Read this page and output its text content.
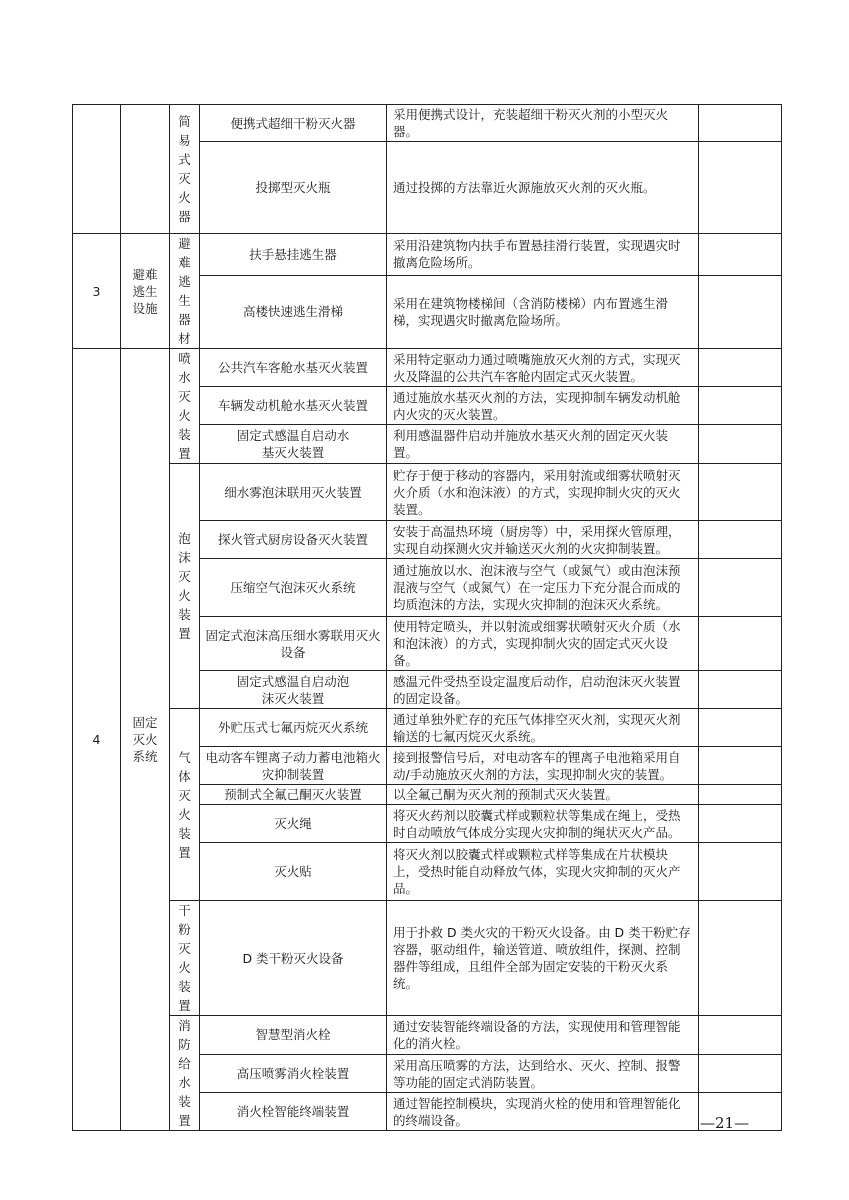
		简易式灭火器	便携式超细干粉灭火器	采用便携式设计，充装超细干粉灭火剂的小型灭火器。	
			投掷型灭火瓶	通过投掷的方法靠近火源施放灭火剂的灭火瓶。	
3	避难逃生设施	避难逃生器材	扶手悬挂逃生器	采用沿建筑物内扶手布置悬挂滑行装置，实现遇灾时撤离危险场所。	
			高楼快速逃生滑梯	采用在建筑物楼梯间（含消防楼梯）内布置逃生滑梯，实现遇灾时撤离危险场所。	
4	固定灭火系统	喷水灭火装置	公共汽车客舱水基灭火装置	采用特定驱动力通过喷嘴施放灭火剂的方式，实现灭火及降温的公共汽车客舱内固定式灭火装置。	
			车辆发动机舱水基灭火装置	通过施放水基灭火剂的方法，实现抑制车辆发动机舱内火灾的灭火装置。	

			固定式感温自启动水基灭火装置	利用感温器件启动并施放水基灭火剂的固定灭火装置。	

		泡沫灭火装置	细水雾泡沫联用灭火装置	贮存于便于移动的容器内，采用射流或细雾状喷射灭火介质（水和泡沫液）的方式，实现抑制火灾的灭火装置。	
			探火管式厨房设备灭火装置	安装于高温热环境（厨房等）中，采用探火管原理，实现自动探测火灾并输送灭火剂的火灾抑制装置。	
			压缩空气泡沫灭火系统	通过施放以水、泡沫液与空气（或氮气）或由泡沫预混液与空气（或氮气）在一定压力下充分混合而成的均质泡沫的方法，实现火灾抑制的泡沫灭火系统。	
			固定式泡沫高压细水雾联用灭火设备	使用特定喷头，并以射流或细雾状喷射灭火介质（水和泡沫液）的方式，实现抑制火灾的固定式灭火设备。	

			固定式感温自启动泡沫灭火装置	感温元件受热至设定温度后动作，启动泡沫灭火装置的固定设备。	

		气体灭火装置	外贮压式七氟丙烷灭火系统	通过单独外贮存的充压气体排空灭火剂，实现灭火剂输送的七氟丙烷灭火系统。	
			电动客车锂离子动力蓄电池箱火灾抑制装置	接到报警信号后，对电动客车的锂离子电池箱采用自动/手动施放灭火剂的方法，实现抑制火灾的装置。	
			预制式全氟己酮灭火装置	以全氟己酮为灭火剂的预制式灭火装置。	
			灭火绳	将灭火药剂以胶囊式样或颗粒状等集成在绳上，受热时自动喷放气体成分实现火灾抑制的绳状灭火产品。	
			灭火贴	将灭火剂以胶囊式样或颗粒式样等集成在片状模块上，受热时能自动释放气体，实现火灾抑制的灭火产品。	

		干粉灭火装置	D 类干粉灭火设备	用于扑救 D 类火灾的干粉灭火设备。由 D 类干粉贮存容器，驱动组件，输送管道、喷放组件，探测、控制器件等组成，且组件全部为固定安装的干粉灭火系统。	

		消防给水装置	智慧型消火栓	通过安装智能终端设备的方法，实现使用和管理智能化的消火栓。	
			高压喷雾消火栓装置	采用高压喷雾的方法，达到给水、灭火、控制、报警等功能的固定式消防装置。	
			消火栓智能终端装置	通过智能控制模块，实现消火栓的使用和管理智能化的终端设备。		—21—
